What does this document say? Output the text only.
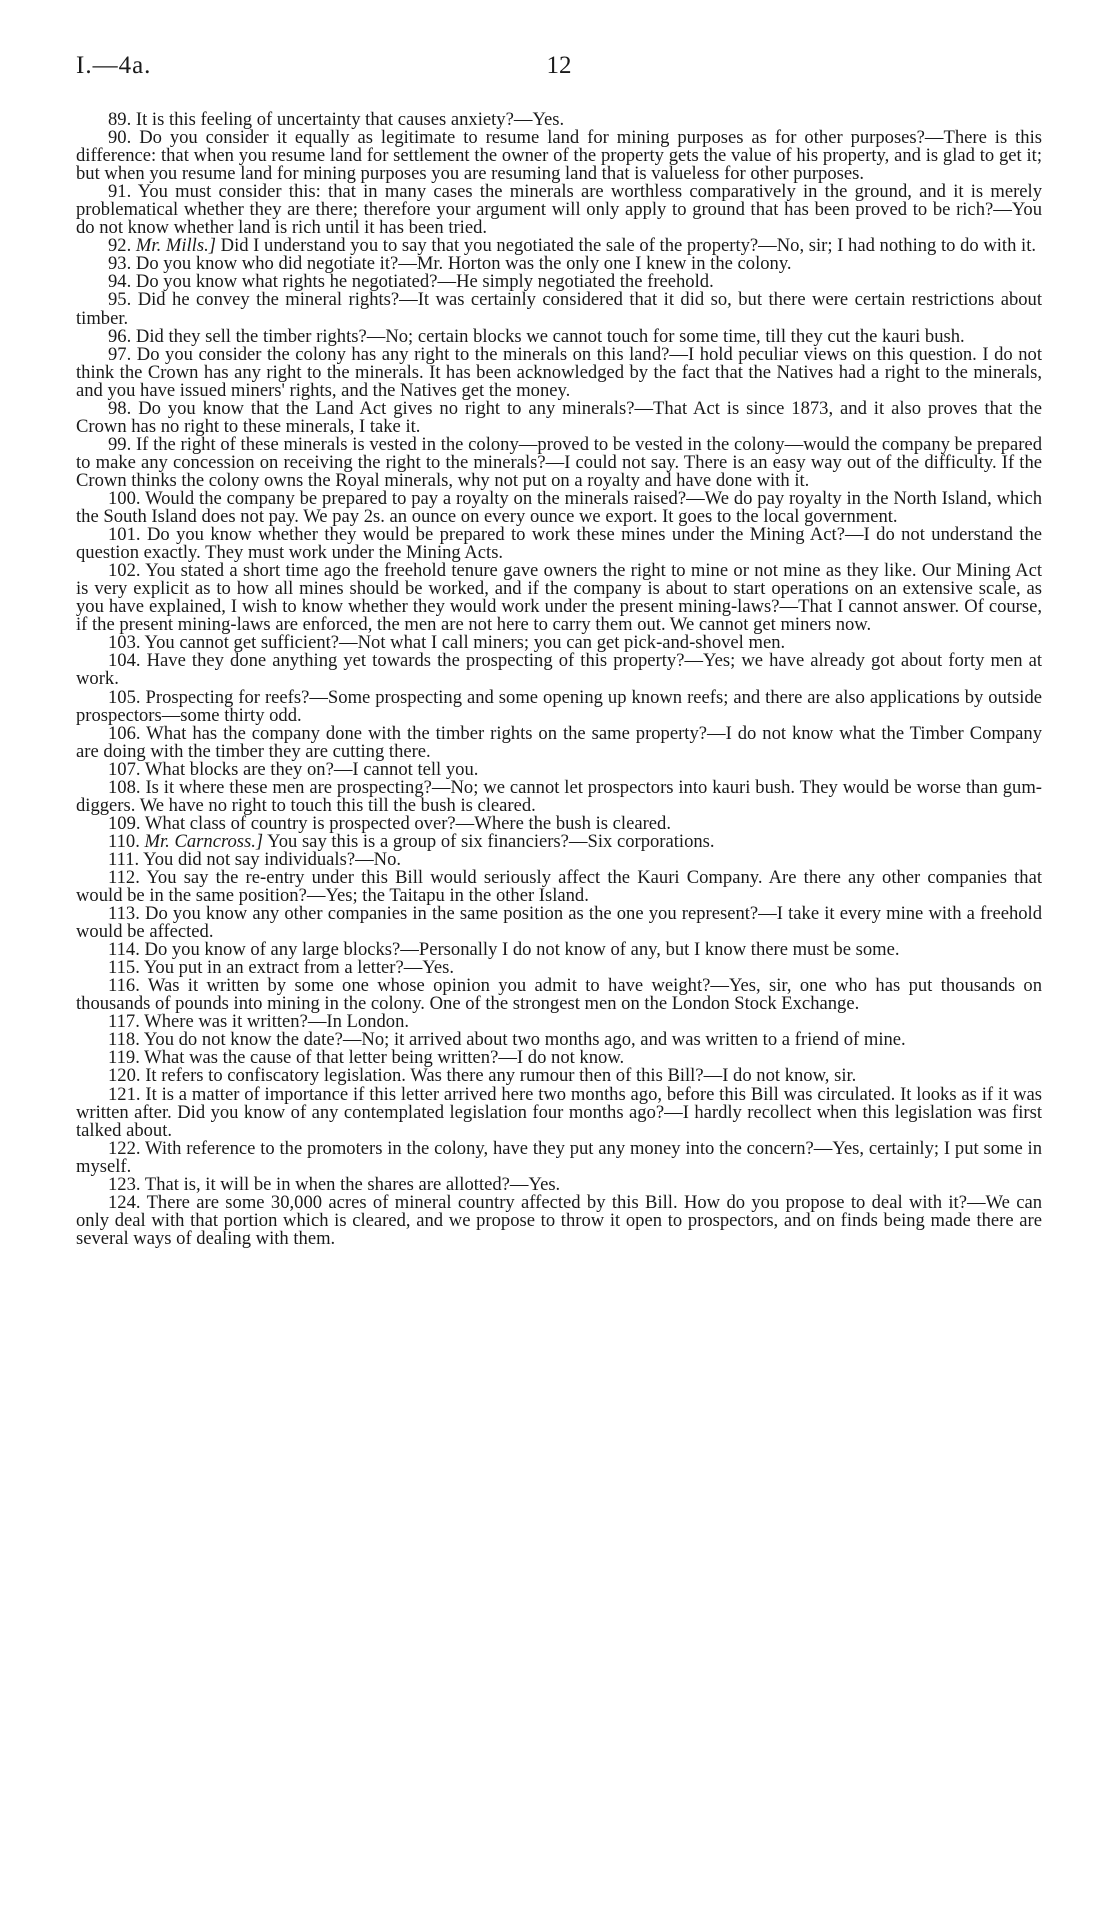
I.—4a.	12

89. It is this feeling of uncertainty that causes anxiety?—Yes.

90. Do you consider it equally as legitimate to resume land for mining purposes as for other purposes?—There is this difference: that when you resume land for settlement the owner of the property gets the value of his property, and is glad to get it; but when you resume land for mining purposes you are resuming land that is valueless for other purposes.

91. You must consider this: that in many cases the minerals are worthless comparatively in the ground, and it is merely problematical whether they are there; therefore your argument will only apply to ground that has been proved to be rich?—You do not know whether land is rich until it has been tried.

92. Mr. Mills.] Did I understand you to say that you negotiated the sale of the property?—No, sir; I had nothing to do with it.

93. Do you know who did negotiate it?—Mr. Horton was the only one I knew in the colony.

94. Do you know what rights he negotiated?—He simply negotiated the freehold.

95. Did he convey the mineral rights?—It was certainly considered that it did so, but there were certain restrictions about timber.

96. Did they sell the timber rights?—No; certain blocks we cannot touch for some time, till they cut the kauri bush.

97. Do you consider the colony has any right to the minerals on this land?—I hold peculiar views on this question. I do not think the Crown has any right to the minerals. It has been acknowledged by the fact that the Natives had a right to the minerals, and you have issued miners' rights, and the Natives get the money.

98. Do you know that the Land Act gives no right to any minerals?—That Act is since 1873, and it also proves that the Crown has no right to these minerals, I take it.

99. If the right of these minerals is vested in the colony—proved to be vested in the colony—would the company be prepared to make any concession on receiving the right to the minerals?—I could not say. There is an easy way out of the difficulty. If the Crown thinks the colony owns the Royal minerals, why not put on a royalty and have done with it.

100. Would the company be prepared to pay a royalty on the minerals raised?—We do pay royalty in the North Island, which the South Island does not pay. We pay 2s. an ounce on every ounce we export. It goes to the local government.

101. Do you know whether they would be prepared to work these mines under the Mining Act?—I do not understand the question exactly. They must work under the Mining Acts.

102. You stated a short time ago the freehold tenure gave owners the right to mine or not mine as they like. Our Mining Act is very explicit as to how all mines should be worked, and if the company is about to start operations on an extensive scale, as you have explained, I wish to know whether they would work under the present mining-laws?—That I cannot answer. Of course, if the present mining-laws are enforced, the men are not here to carry them out. We cannot get miners now.

103. You cannot get sufficient?—Not what I call miners; you can get pick-and-shovel men.

104. Have they done anything yet towards the prospecting of this property?—Yes; we have already got about forty men at work.

105. Prospecting for reefs?—Some prospecting and some opening up known reefs; and there are also applications by outside prospectors—some thirty odd.

106. What has the company done with the timber rights on the same property?—I do not know what the Timber Company are doing with the timber they are cutting there.

107. What blocks are they on?—I cannot tell you.

108. Is it where these men are prospecting?—No; we cannot let prospectors into kauri bush. They would be worse than gum-diggers. We have no right to touch this till the bush is cleared.

109. What class of country is prospected over?—Where the bush is cleared.

110. Mr. Carncross.] You say this is a group of six financiers?—Six corporations.

111. You did not say individuals?—No.

112. You say the re-entry under this Bill would seriously affect the Kauri Company. Are there any other companies that would be in the same position?—Yes; the Taitapu in the other Island.

113. Do you know any other companies in the same position as the one you represent?—I take it every mine with a freehold would be affected.

114. Do you know of any large blocks?—Personally I do not know of any, but I know there must be some.

115. You put in an extract from a letter?—Yes.

116. Was it written by some one whose opinion you admit to have weight?—Yes, sir, one who has put thousands on thousands of pounds into mining in the colony. One of the strongest men on the London Stock Exchange.

117. Where was it written?—In London.

118. You do not know the date?—No; it arrived about two months ago, and was written to a friend of mine.

119. What was the cause of that letter being written?—I do not know.

120. It refers to confiscatory legislation. Was there any rumour then of this Bill?—I do not know, sir.

121. It is a matter of importance if this letter arrived here two months ago, before this Bill was circulated. It looks as if it was written after. Did you know of any contemplated legislation four months ago?—I hardly recollect when this legislation was first talked about.

122. With reference to the promoters in the colony, have they put any money into the concern?—Yes, certainly; I put some in myself.

123. That is, it will be in when the shares are allotted?—Yes.

124. There are some 30,000 acres of mineral country affected by this Bill. How do you propose to deal with it?—We can only deal with that portion which is cleared, and we propose to throw it open to prospectors, and on finds being made there are several ways of dealing with them.
